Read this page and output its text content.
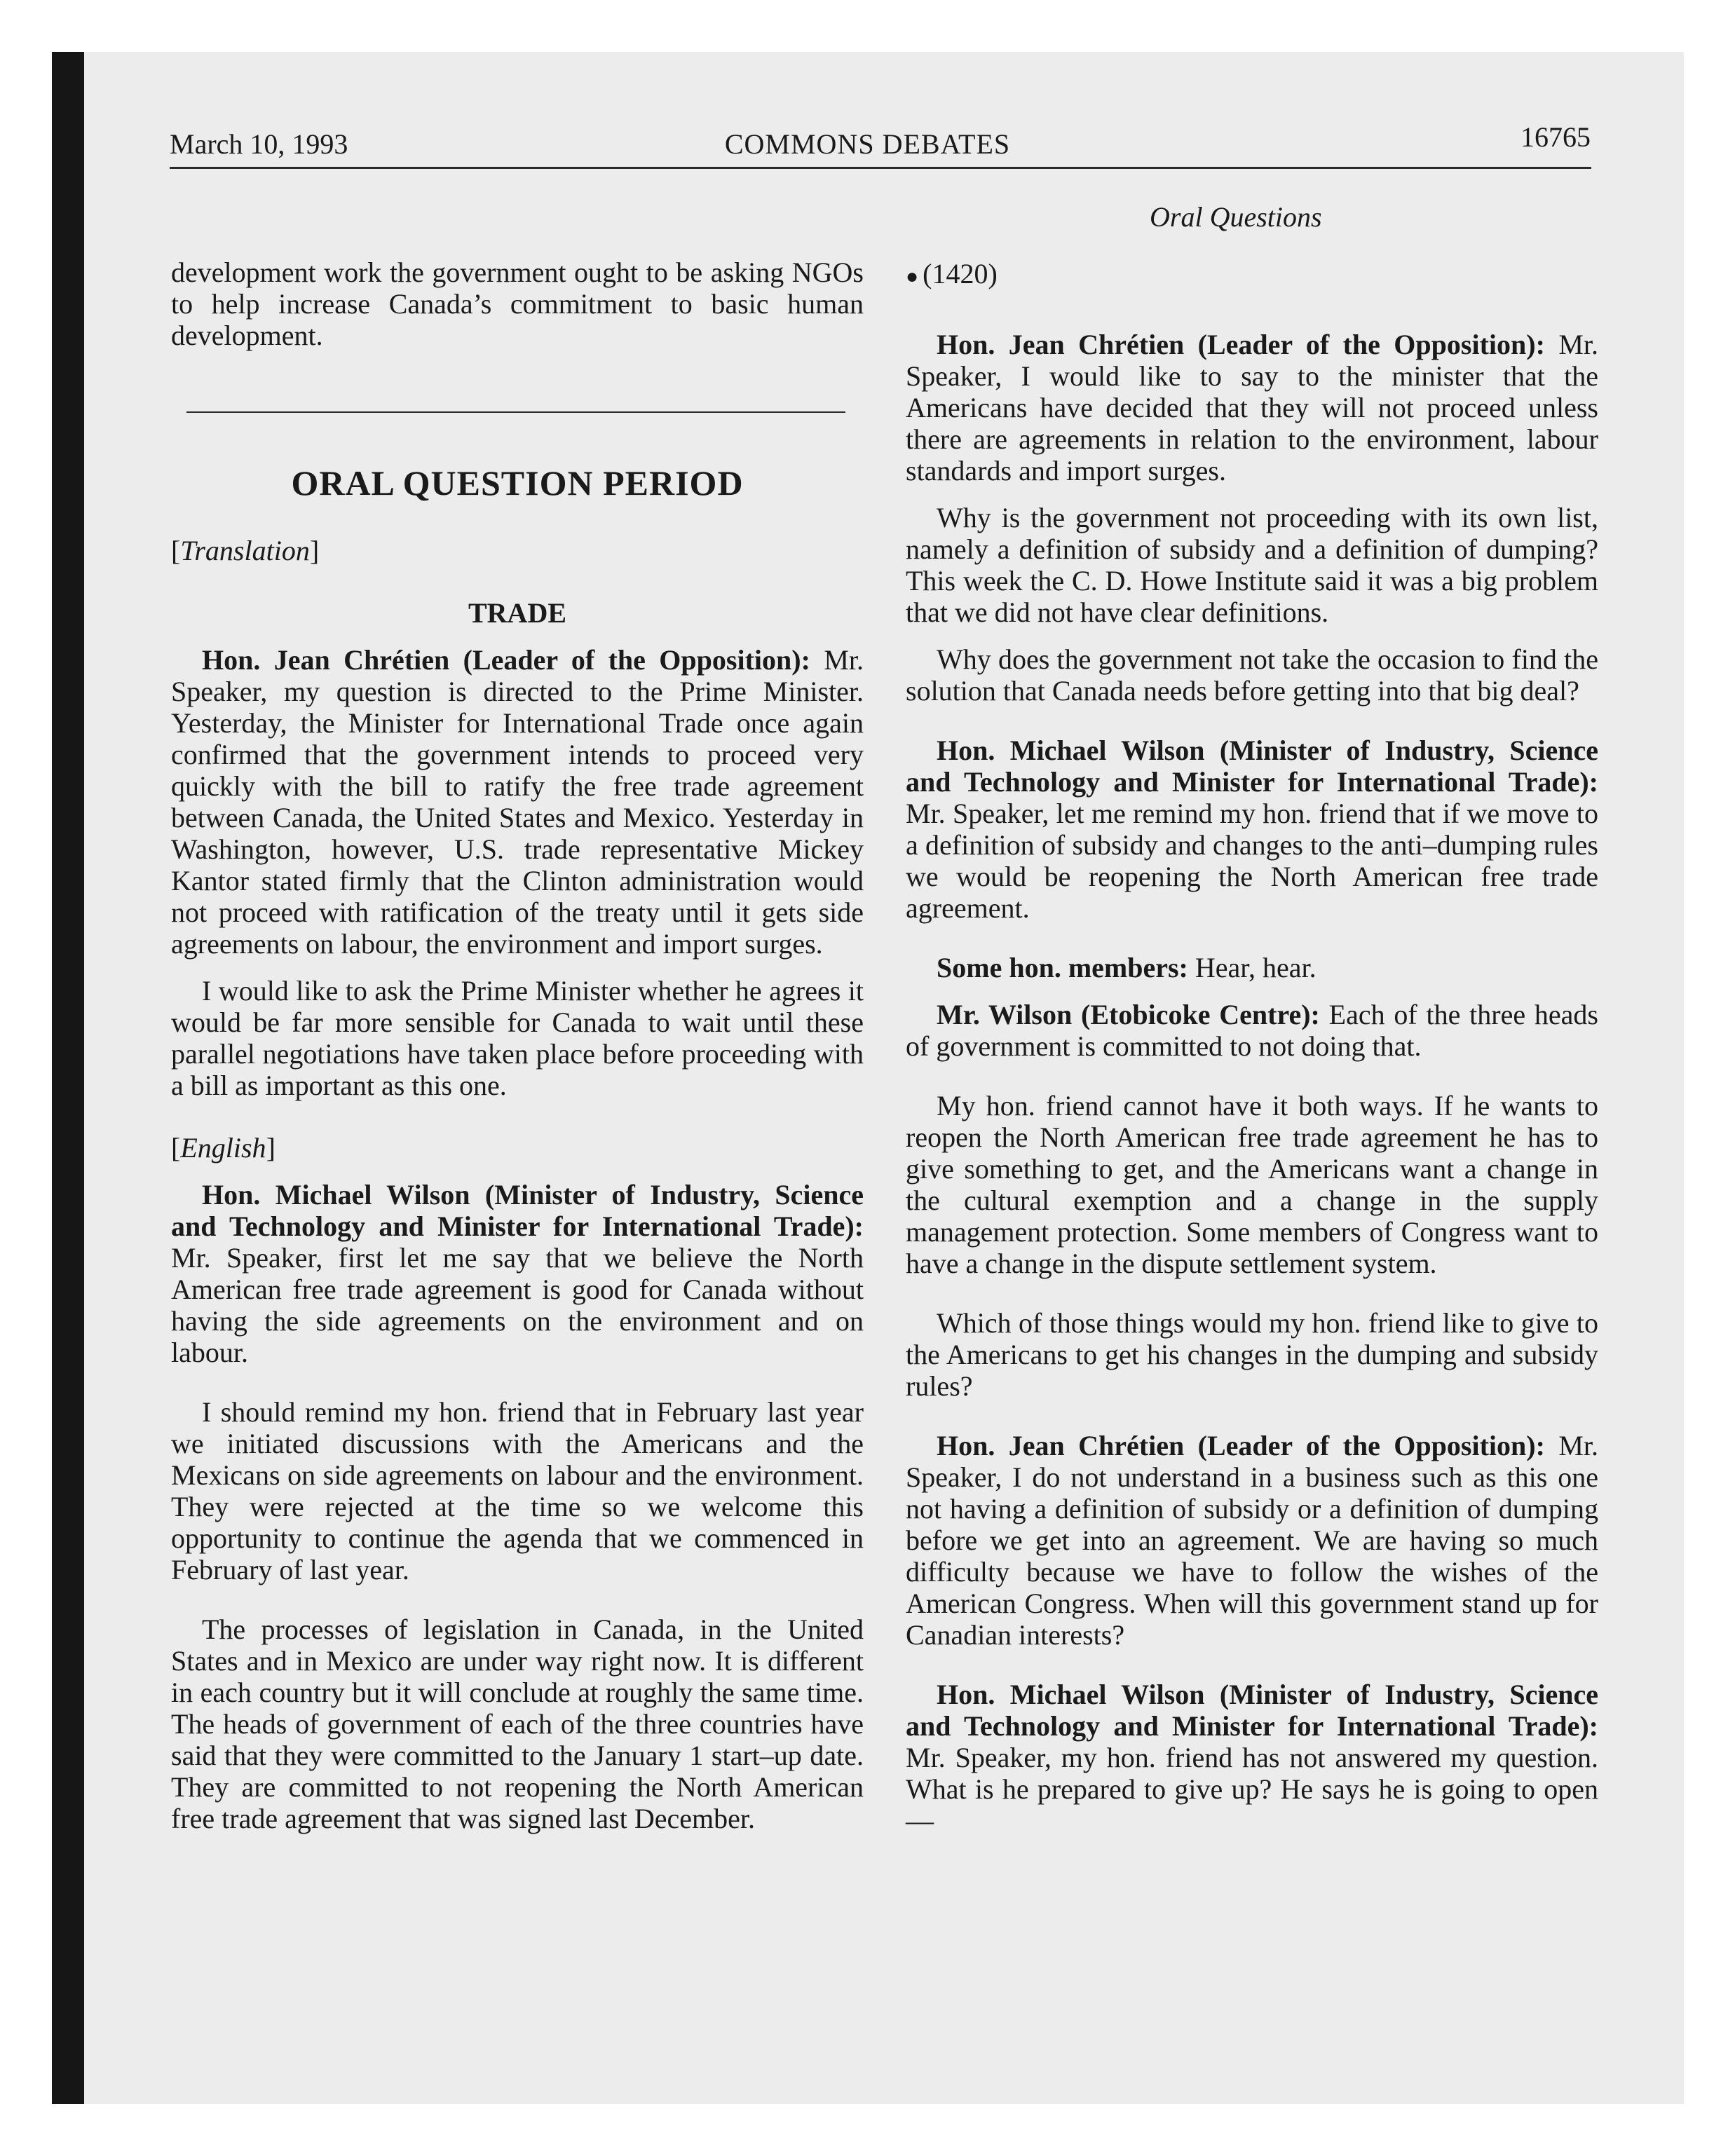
March 10, 1993	COMMONS DEBATES	16765
Oral Questions

development work the government ought to be asking NGOs to help increase Canada’s commitment to basic human development.

ORAL QUESTION PERIOD
[Translation]
TRADE

Hon. Jean Chrétien (Leader of the Opposition): Mr. Speaker, my question is directed to the Prime Minister. Yesterday, the Minister for International Trade once again confirmed that the government intends to proceed very quickly with the bill to ratify the free trade agreement between Canada, the United States and Mexico. Yesterday in Washington, however, U.S. trade representative Mickey Kantor stated firmly that the Clinton administration would not proceed with ratification of the treaty until it gets side agreements on labour, the environment and import surges.

I would like to ask the Prime Minister whether he agrees it would be far more sensible for Canada to wait until these parallel negotiations have taken place before proceeding with a bill as important as this one.

[English]

Hon. Michael Wilson (Minister of Industry, Science and Technology and Minister for International Trade): Mr. Speaker, first let me say that we believe the North American free trade agreement is good for Canada without having the side agreements on the environment and on labour.

I should remind my hon. friend that in February last year we initiated discussions with the Americans and the Mexicans on side agreements on labour and the environment. They were rejected at the time so we welcome this opportunity to continue the agenda that we commenced in February of last year.

The processes of legislation in Canada, in the United States and in Mexico are under way right now. It is different in each country but it will conclude at roughly the same time. The heads of government of each of the three countries have said that they were committed to the January 1 start–up date. They are committed to not reopening the North American free trade agreement that was signed last December.

● (1420)

Hon. Jean Chrétien (Leader of the Opposition): Mr. Speaker, I would like to say to the minister that the Americans have decided that they will not proceed unless there are agreements in relation to the environment, labour standards and import surges.

Why is the government not proceeding with its own list, namely a definition of subsidy and a definition of dumping? This week the C. D. Howe Institute said it was a big problem that we did not have clear definitions.

Why does the government not take the occasion to find the solution that Canada needs before getting into that big deal?

Hon. Michael Wilson (Minister of Industry, Science and Technology and Minister for International Trade): Mr. Speaker, let me remind my hon. friend that if we move to a definition of subsidy and changes to the anti–dumping rules we would be reopening the North American free trade agreement.

Some hon. members: Hear, hear.

Mr. Wilson (Etobicoke Centre): Each of the three heads of government is committed to not doing that.

My hon. friend cannot have it both ways. If he wants to reopen the North American free trade agreement he has to give something to get, and the Americans want a change in the cultural exemption and a change in the supply management protection. Some members of Congress want to have a change in the dispute settlement system.

Which of those things would my hon. friend like to give to the Americans to get his changes in the dumping and subsidy rules?

Hon. Jean Chrétien (Leader of the Opposition): Mr. Speaker, I do not understand in a business such as this one not having a definition of subsidy or a definition of dumping before we get into an agreement. We are having so much difficulty because we have to follow the wishes of the American Congress. When will this government stand up for Canadian interests?

Hon. Michael Wilson (Minister of Industry, Science and Technology and Minister for International Trade): Mr. Speaker, my hon. friend has not answered my question. What is he prepared to give up? He says he is going to open—
